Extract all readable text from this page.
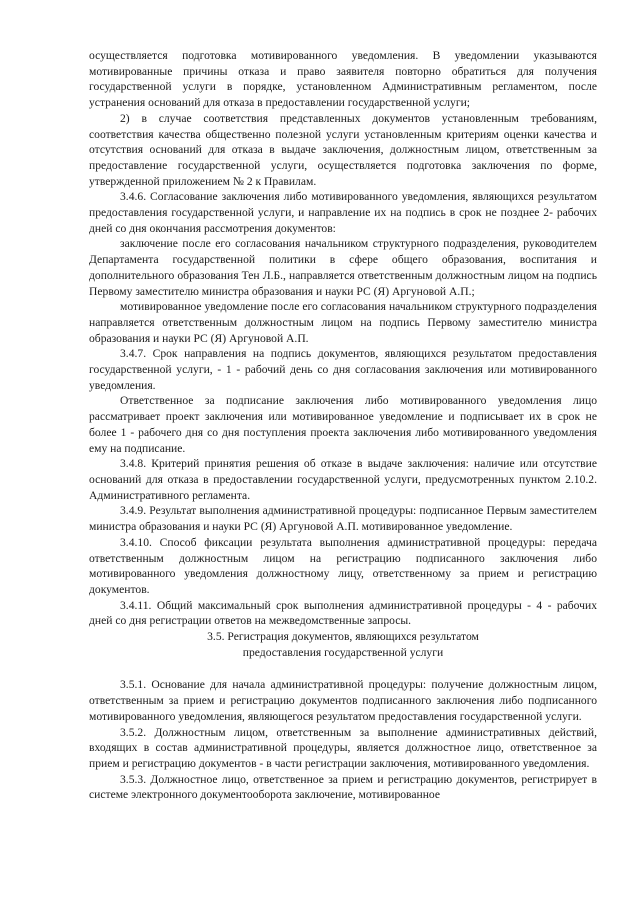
осуществляется подготовка мотивированного уведомления. В уведомлении указываются мотивированные причины отказа и право заявителя повторно обратиться для получения государственной услуги в порядке, установленном Административным регламентом, после устранения оснований для отказа в предоставлении государственной услуги;

2) в случае соответствия представленных документов установленным требованиям, соответствия качества общественно полезной услуги установленным критериям оценки качества и отсутствия оснований для отказа в выдаче заключения, должностным лицом, ответственным за предоставление государственной услуги, осуществляется подготовка заключения по форме, утвержденной приложением № 2 к Правилам.

3.4.6. Согласование заключения либо мотивированного уведомления, являющихся результатом предоставления государственной услуги, и направление их на подпись в срок не позднее 2- рабочих дней со дня окончания рассмотрения документов:

заключение после его согласования начальником структурного подразделения, руководителем Департамента государственной политики в сфере общего образования, воспитания и дополнительного образования Тен Л.Б., направляется ответственным должностным лицом на подпись Первому заместителю министра образования и науки РС (Я) Аргуновой А.П.;

мотивированное уведомление после его согласования начальником структурного подразделения направляется ответственным должностным лицом на подпись Первому заместителю министра образования и науки РС (Я) Аргуновой А.П.

3.4.7. Срок направления на подпись документов, являющихся результатом предоставления государственной услуги, - 1 - рабочий день со дня согласования заключения или мотивированного уведомления.

Ответственное за подписание заключения либо мотивированного уведомления лицо рассматривает проект заключения или мотивированное уведомление и подписывает их в срок не более 1 - рабочего дня со дня поступления проекта заключения либо мотивированного уведомления ему на подписание.

3.4.8. Критерий принятия решения об отказе в выдаче заключения: наличие или отсутствие оснований для отказа в предоставлении государственной услуги, предусмотренных пунктом 2.10.2. Административного регламента.

3.4.9. Результат выполнения административной процедуры: подписанное Первым заместителем министра образования и науки РС (Я) Аргуновой А.П. мотивированное уведомление.

3.4.10. Способ фиксации результата выполнения административной процедуры: передача ответственным должностным лицом на регистрацию подписанного заключения либо мотивированного уведомления должностному лицу, ответственному за прием и регистрацию документов.

3.4.11. Общий максимальный срок выполнения административной процедуры - 4 - рабочих дней со дня регистрации ответов на межведомственные запросы.

3.5. Регистрация документов, являющихся результатом
предоставления государственной услуги

3.5.1. Основание для начала административной процедуры: получение должностным лицом, ответственным за прием и регистрацию документов подписанного заключения либо подписанного мотивированного уведомления, являющегося результатом предоставления государственной услуги.

3.5.2. Должностным лицом, ответственным за выполнение административных действий, входящих в состав административной процедуры, является должностное лицо, ответственное за прием и регистрацию документов - в части регистрации заключения, мотивированного уведомления.

3.5.3. Должностное лицо, ответственное за прием и регистрацию документов, регистрирует в системе электронного документооборота заключение, мотивированное
